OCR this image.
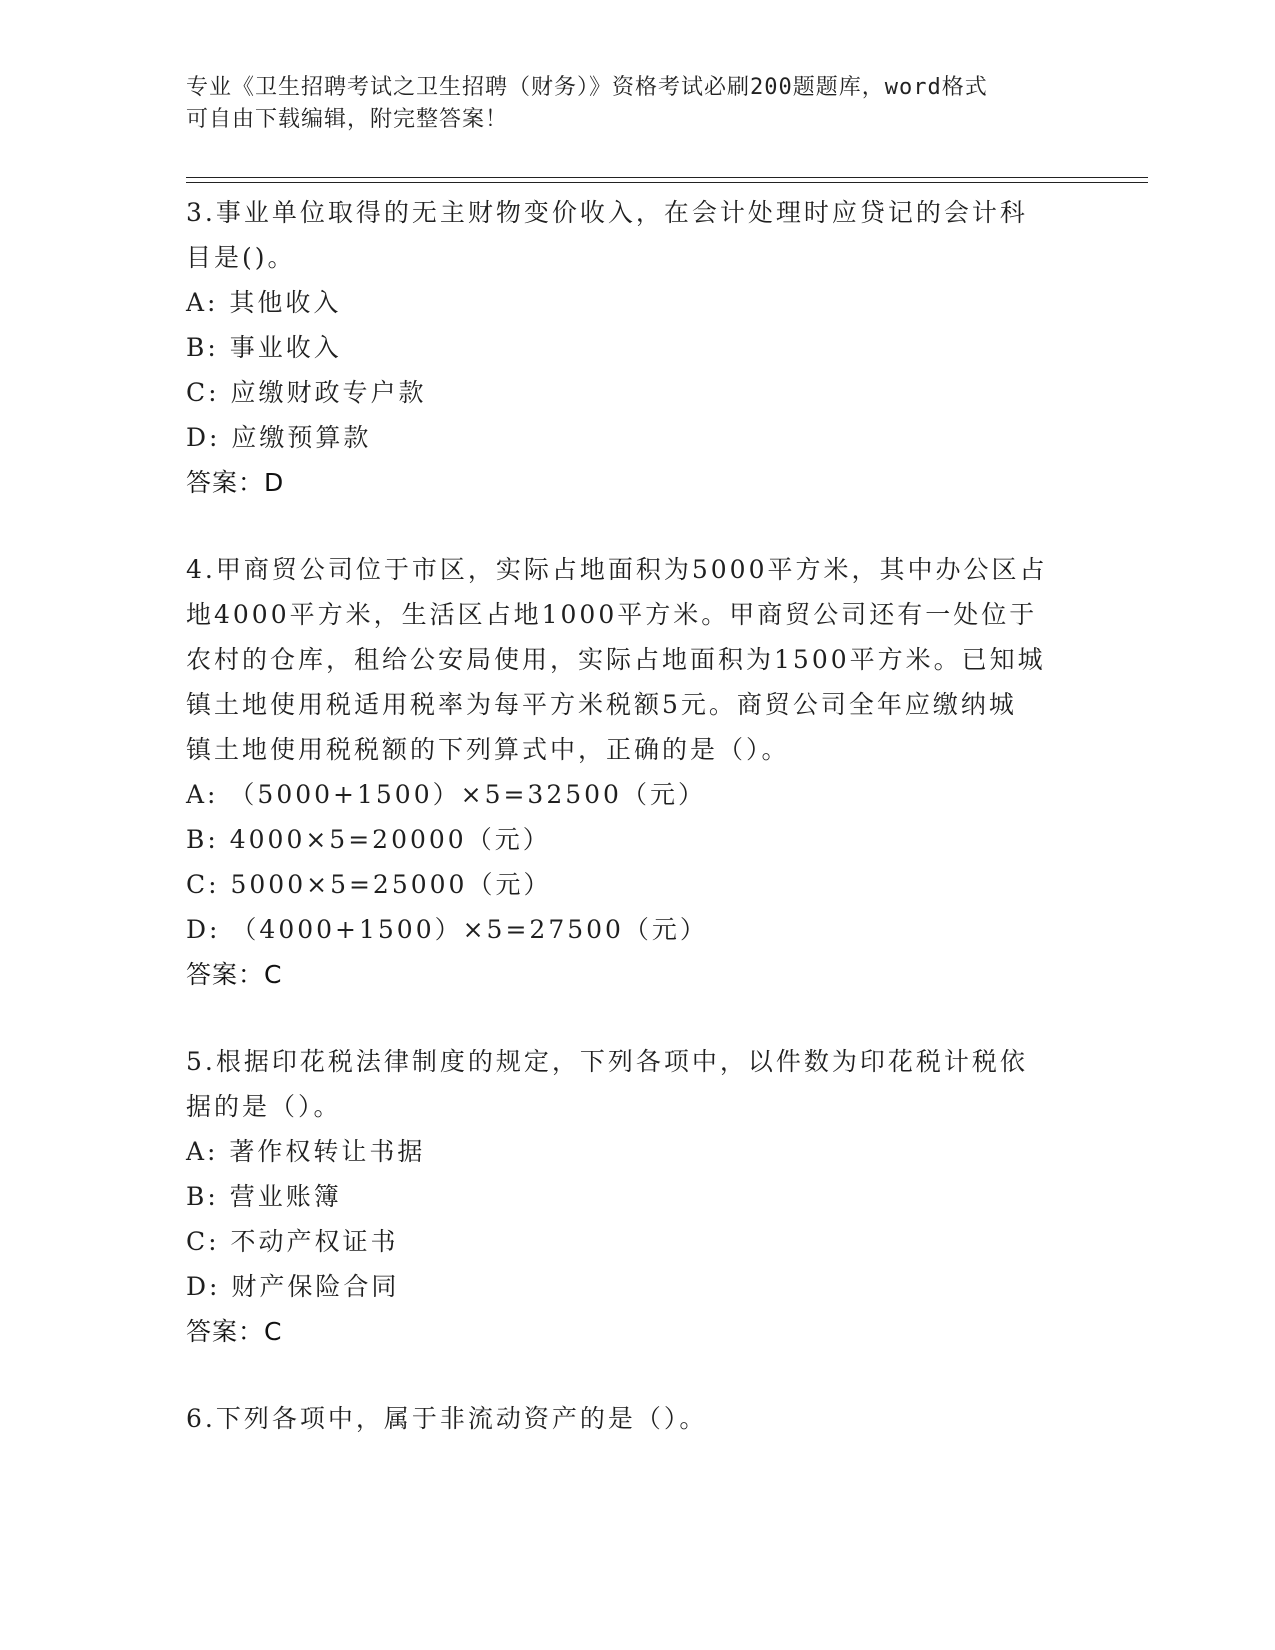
专业《卫生招聘考试之卫生招聘（财务）》资格考试必刷200题题库，word格式

可自由下载编辑，附完整答案！

3.事业单位取得的无主财物变价收入，在会计处理时应贷记的会计科
目是()。
A: 其他收入
B: 事业收入
C: 应缴财政专户款
D: 应缴预算款
答案：D
4.甲商贸公司位于市区，实际占地面积为5000平方米，其中办公区占
地4000平方米，生活区占地1000平方米。甲商贸公司还有一处位于
农村的仓库，租给公安局使用，实际占地面积为1500平方米。已知城
镇土地使用税适用税率为每平方米税额5元。商贸公司全年应缴纳城
镇土地使用税税额的下列算式中，正确的是（）。
A: （5000+1500）×5=32500（元）
B: 4000×5=20000（元）
C: 5000×5=25000（元）
D: （4000+1500）×5=27500（元）
答案：C
5.根据印花税法律制度的规定，下列各项中，以件数为印花税计税依
据的是（）。
A: 著作权转让书据
B: 营业账簿
C: 不动产权证书
D: 财产保险合同
答案：C
6.下列各项中，属于非流动资产的是（）。
